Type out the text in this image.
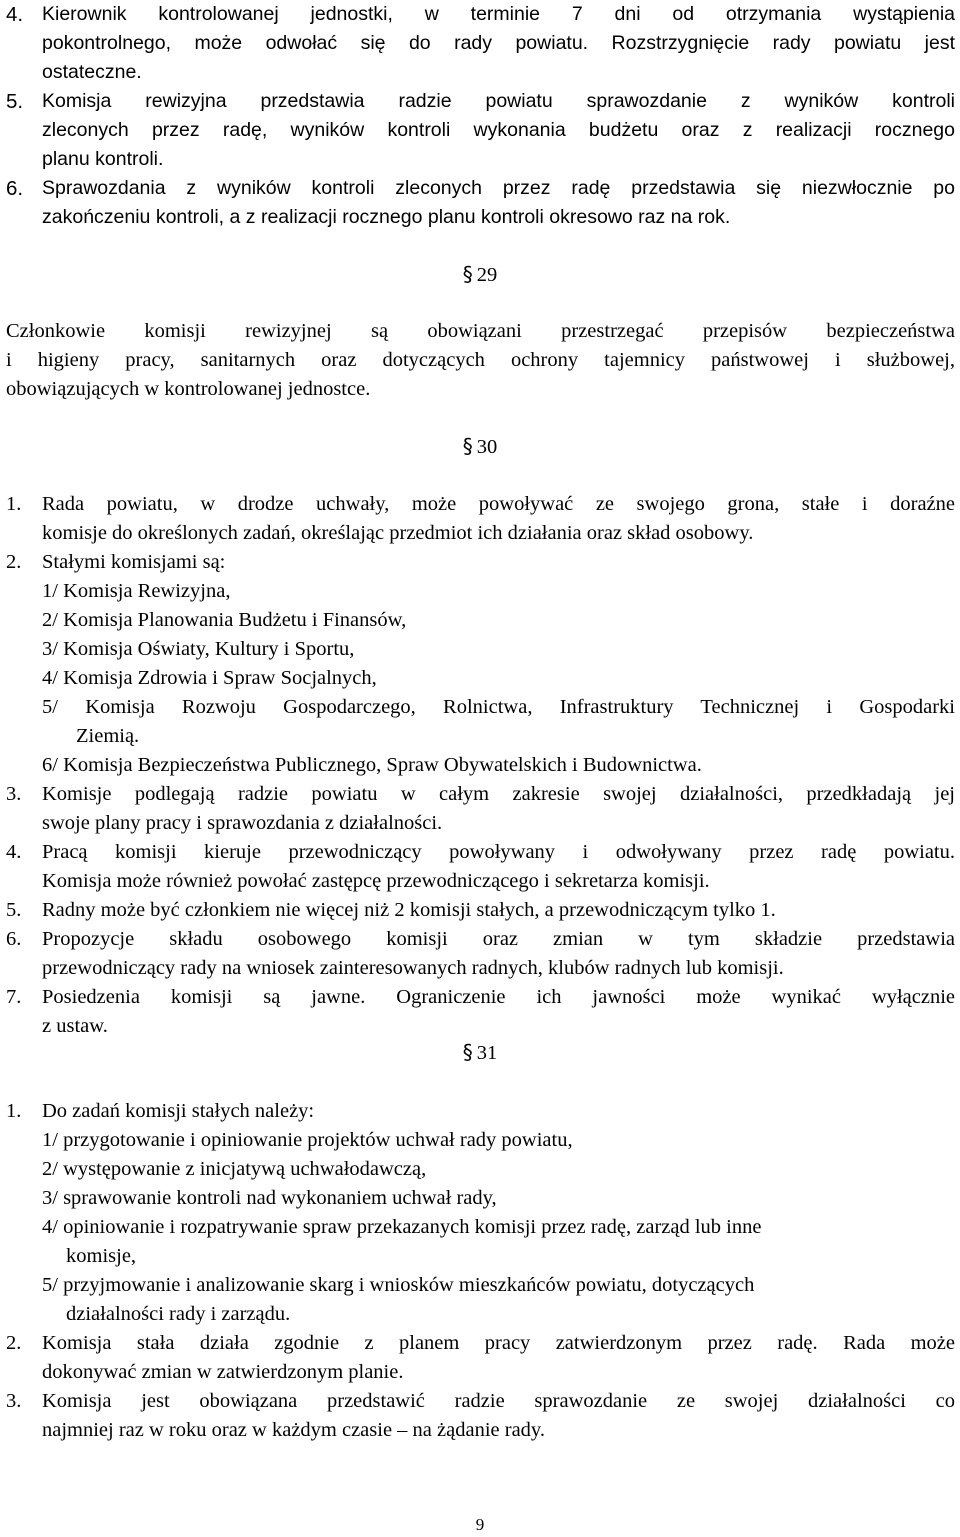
4. Kierownik kontrolowanej jednostki, w terminie 7 dni od otrzymania wystąpienia
pokontrolnego, może odwołać się do rady powiatu. Rozstrzygnięcie rady powiatu jest
ostateczne.
5. Komisja rewizyjna przedstawia radzie powiatu sprawozdanie z wyników kontroli
zleconych przez radę, wyników kontroli wykonania budżetu oraz z realizacji rocznego
planu kontroli.
6. Sprawozdania z wyników kontroli zleconych przez radę przedstawia się niezwłocznie po
zakończeniu kontroli, a z realizacji rocznego planu kontroli okresowo raz na rok.
§ 29
Członkowie komisji rewizyjnej są obowiązani przestrzegać przepisów bezpieczeństwa
i higieny pracy, sanitarnych oraz dotyczących ochrony tajemnicy państwowej i służbowej,
obowiązujących w kontrolowanej jednostce.
§ 30
1. Rada powiatu, w drodze uchwały, może powoływać ze swojego grona, stałe i doraźne
komisje do określonych zadań, określając przedmiot ich działania oraz skład osobowy.
2. Stałymi komisjami są:
1/ Komisja Rewizyjna,
2/ Komisja Planowania Budżetu i Finansów,
3/ Komisja Oświaty, Kultury i Sportu,
4/ Komisja Zdrowia i Spraw Socjalnych,
5/ Komisja Rozwoju Gospodarczego, Rolnictwa, Infrastruktury Technicznej i Gospodarki
Ziemią.
6/ Komisja Bezpieczeństwa Publicznego, Spraw Obywatelskich i Budownictwa.
3. Komisje podlegają radzie powiatu w całym zakresie swojej działalności, przedkładają jej
swoje plany pracy i sprawozdania z działalności.
4. Pracą komisji kieruje przewodniczący powoływany i odwoływany przez radę powiatu.
Komisja może również powołać zastępcę przewodniczącego i sekretarza komisji.
5. Radny może być członkiem nie więcej niż 2 komisji stałych, a przewodniczącym tylko 1.
6. Propozycje składu osobowego komisji oraz zmian w tym składzie przedstawia
przewodniczący rady na wniosek zainteresowanych radnych, klubów radnych lub komisji.
7. Posiedzenia komisji są jawne. Ograniczenie ich jawności może wynikać wyłącznie
z ustaw.
§ 31
1. Do zadań komisji stałych należy:
1/ przygotowanie i opiniowanie projektów uchwał rady powiatu,
2/ występowanie z inicjatywą uchwałodawczą,
3/ sprawowanie kontroli nad wykonaniem uchwał rady,
4/ opiniowanie i rozpatrywanie spraw przekazanych komisji przez radę, zarząd lub inne
komisje,
5/ przyjmowanie i analizowanie skarg i wniosków mieszkańców powiatu, dotyczących
działalności rady i zarządu.
2. Komisja stała działa zgodnie z planem pracy zatwierdzonym przez radę. Rada może
dokonywać zmian w zatwierdzonym planie.
3. Komisja jest obowiązana przedstawić radzie sprawozdanie ze swojej działalności co
najmniej raz w roku oraz w każdym czasie – na żądanie rady.
9
